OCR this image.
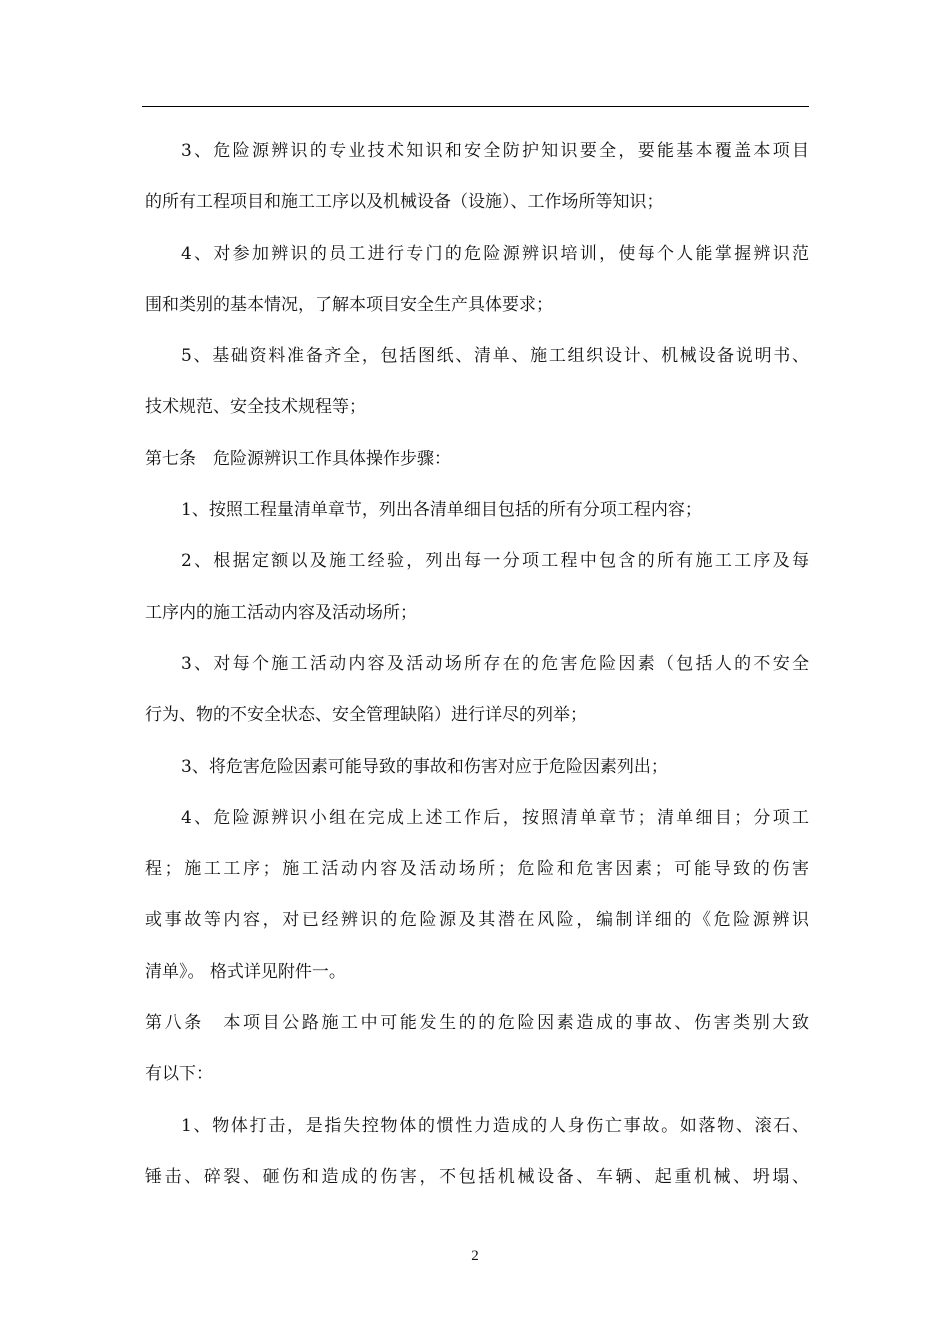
3、危险源辨识的专业技术知识和安全防护知识要全，要能基本覆盖本项目
的所有工程项目和施工工序以及机械设备（设施）、工作场所等知识；
4、对参加辨识的员工进行专门的危险源辨识培训，使每个人能掌握辨识范
围和类别的基本情况，了解本项目安全生产具体要求；
5、基础资料准备齐全，包括图纸、清单、施工组织设计、机械设备说明书、
技术规范、安全技术规程等；
第七条　危险源辨识工作具体操作步骤：
1、按照工程量清单章节，列出各清单细目包括的所有分项工程内容；
2、根据定额以及施工经验，列出每一分项工程中包含的所有施工工序及每
工序内的施工活动内容及活动场所；
3、对每个施工活动内容及活动场所存在的危害危险因素（包括人的不安全
行为、物的不安全状态、安全管理缺陷）进行详尽的列举；
3、将危害危险因素可能导致的事故和伤害对应于危险因素列出；
4、危险源辨识小组在完成上述工作后，按照清单章节；清单细目；分项工
程；施工工序；施工活动内容及活动场所；危险和危害因素；可能导致的伤害
或事故等内容，对已经辨识的危险源及其潜在风险，编制详细的《危险源辨识
清单》。 格式详见附件一。
第八条　本项目公路施工中可能发生的的危险因素造成的事故、伤害类别大致
有以下：
1、物体打击，是指失控物体的惯性力造成的人身伤亡事故。如落物、滚石、
锤击、碎裂、砸伤和造成的伤害，不包括机械设备、车辆、起重机械、坍塌、
2
